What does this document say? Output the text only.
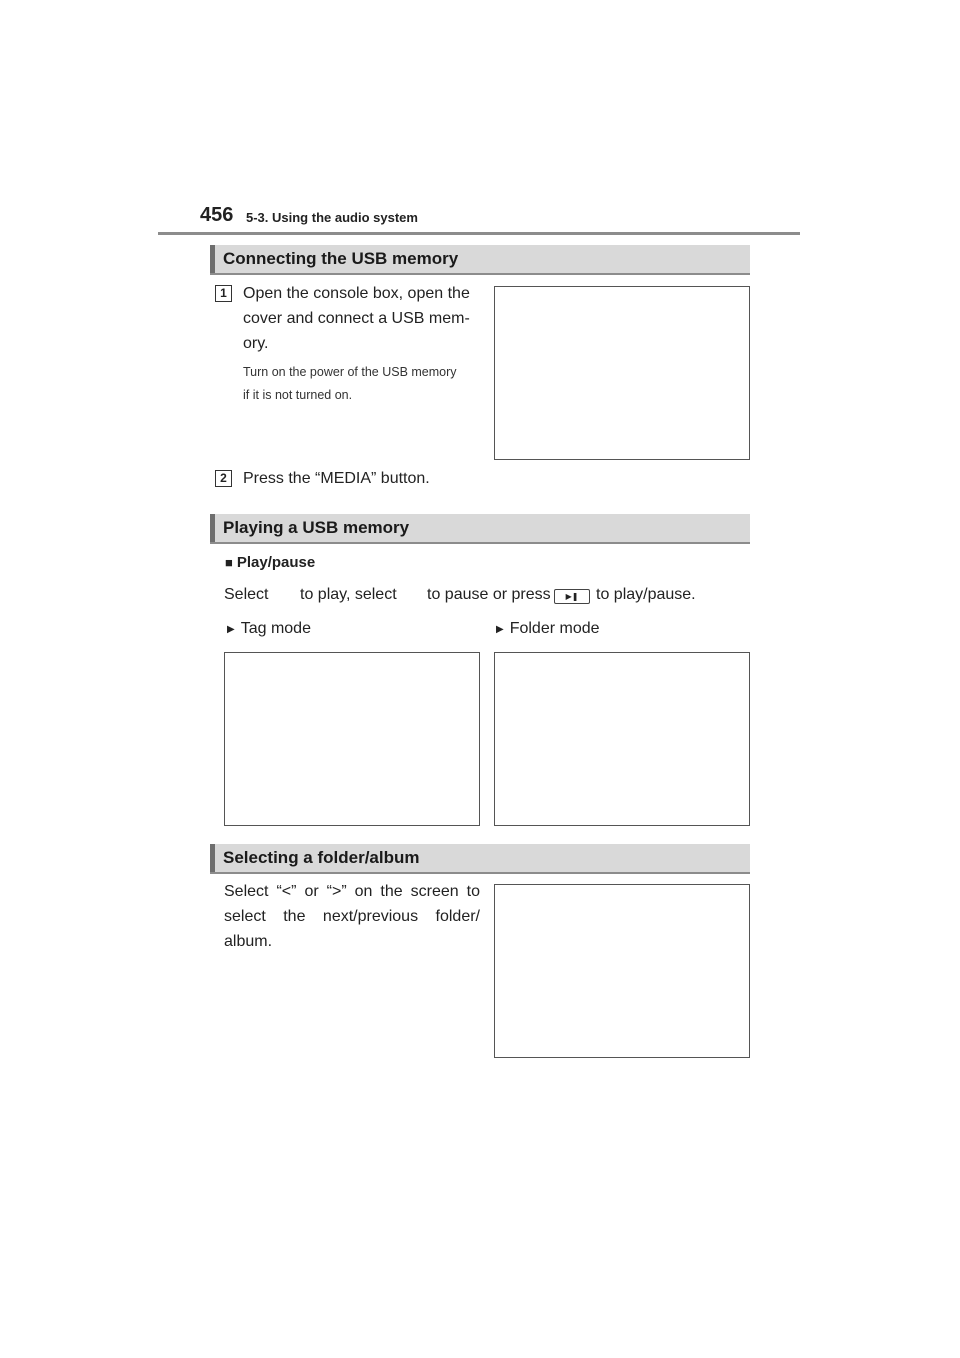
456 5-3. Using the audio system
Connecting the USB memory
1	Open the console box, open the
cover and connect a USB mem-
ory.
Turn on the power of the USB memory
if it is not turned on.
2	Press the “MEDIA” button.
Playing a USB memory
■ Play/pause
Select to play, select to pause or press	▶❚	to play/pause.
▶ Tag mode	▶ Folder mode
Selecting a folder/album
Select “<” or “>” on the screen to
select the next/previous folder/
album.
